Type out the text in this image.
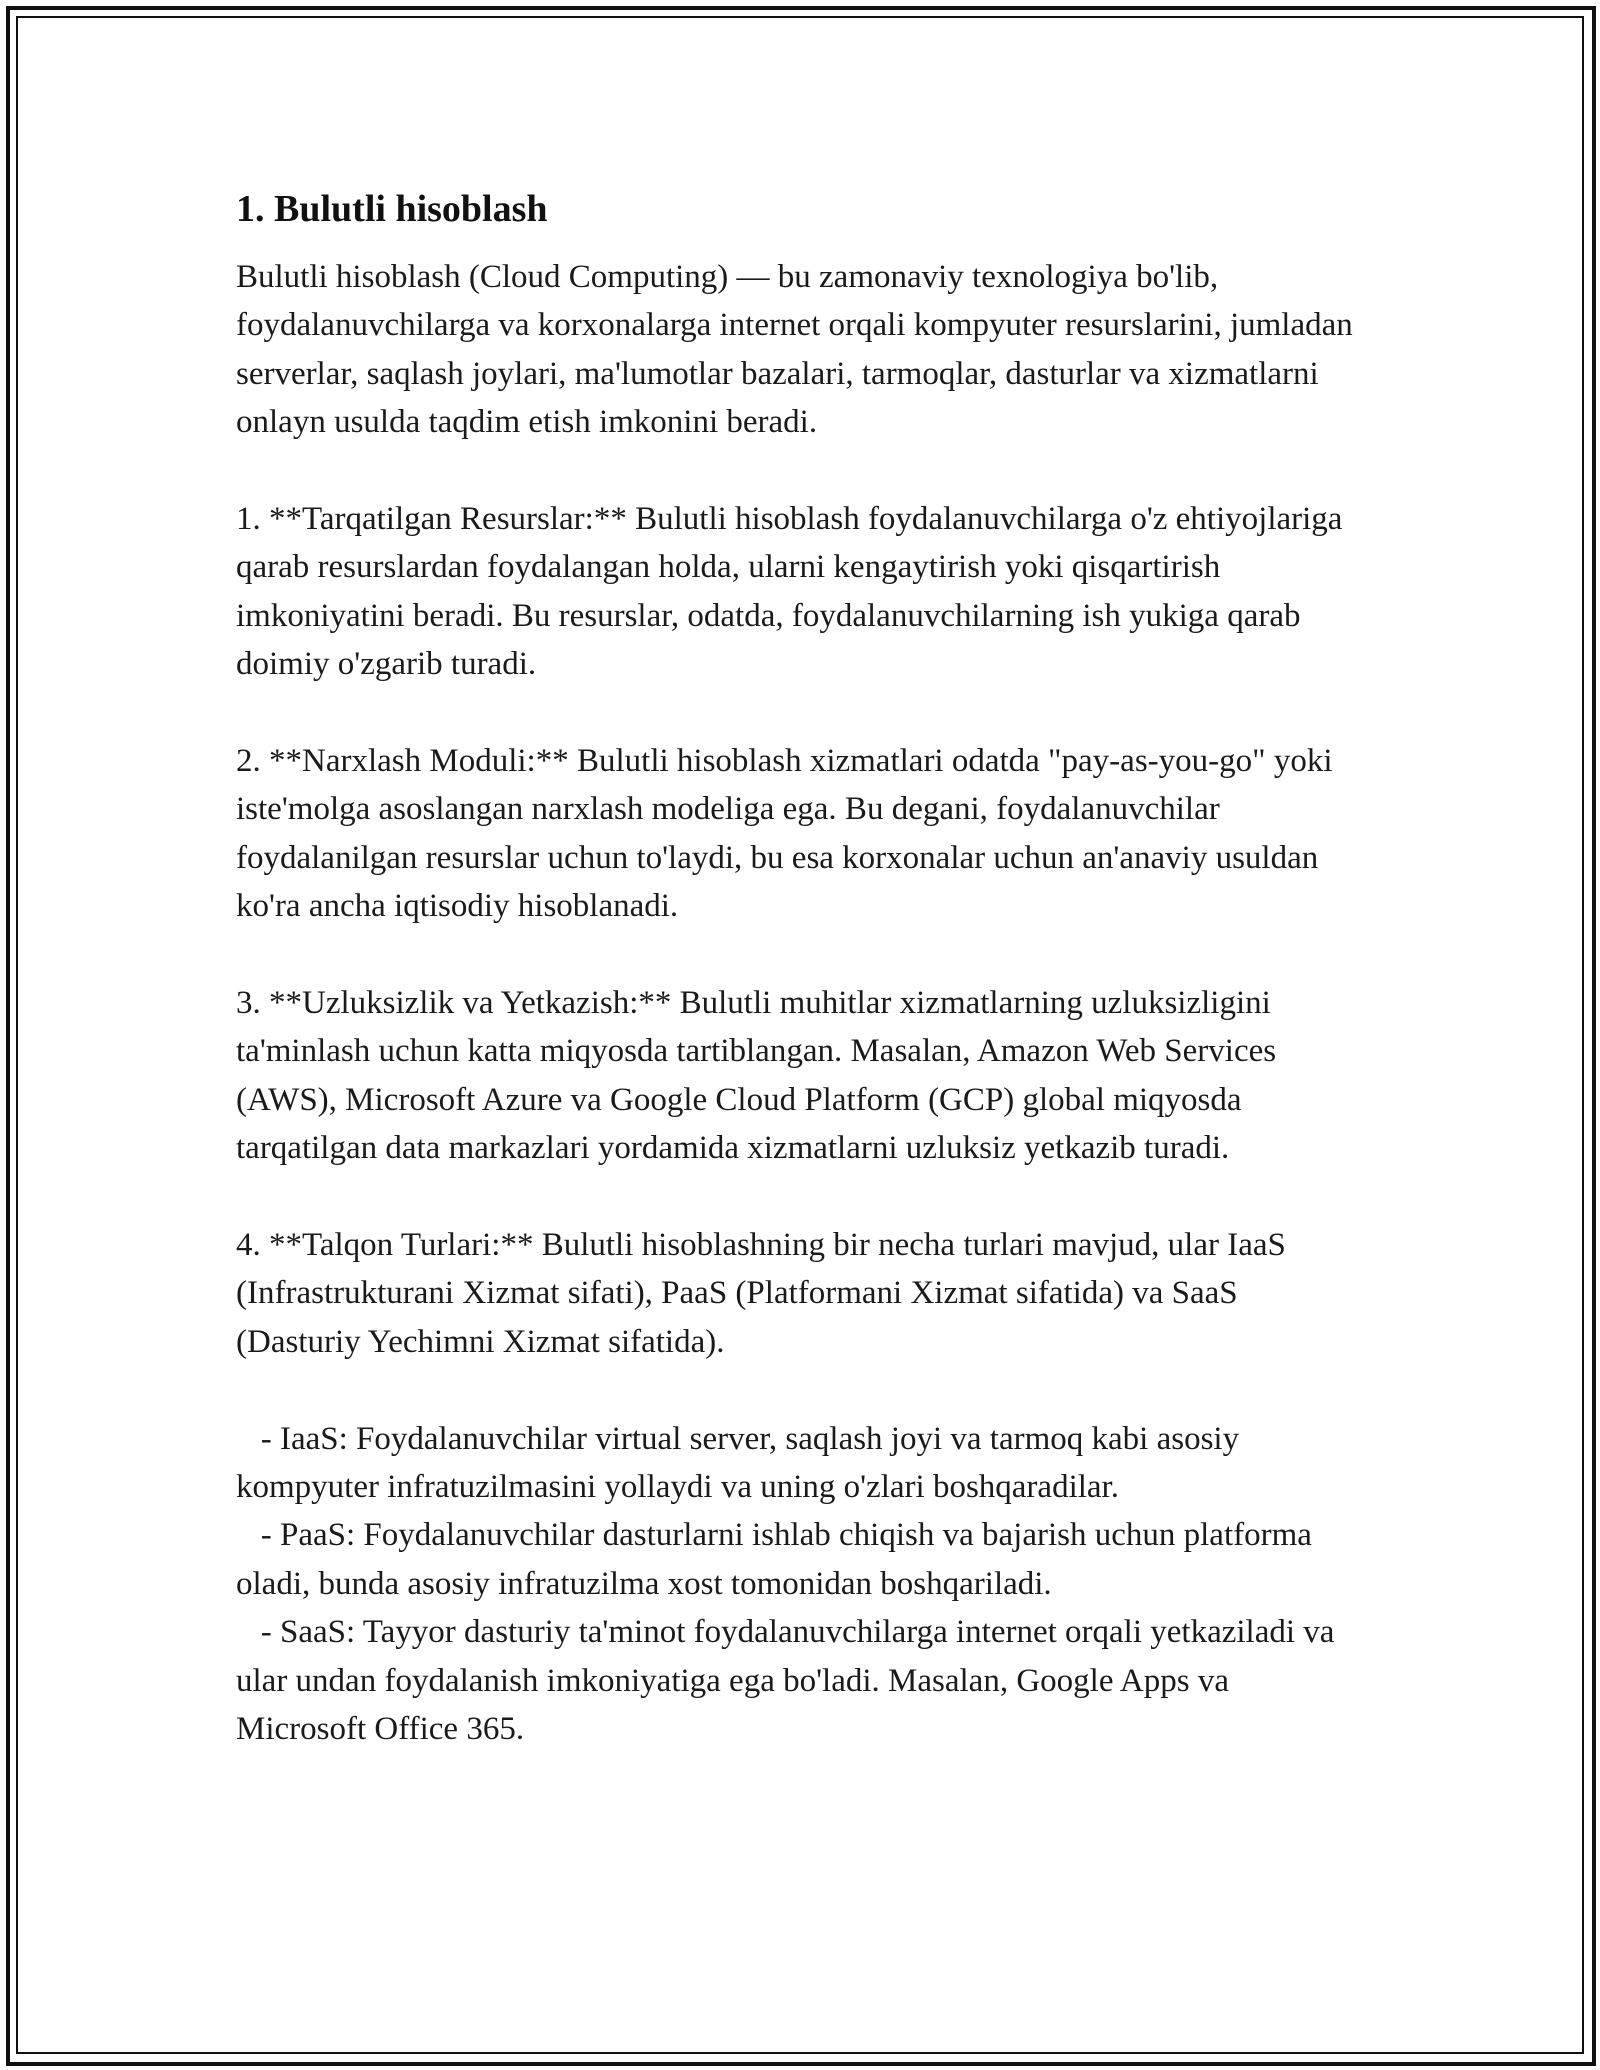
1. Bulutli hisoblash

Bulutli hisoblash (Cloud Computing) — bu zamonaviy texnologiya bo'lib, foydalanuvchilarga va korxonalarga internet orqali kompyuter resurslarini, jumladan serverlar, saqlash joylari, ma'lumotlar bazalari, tarmoqlar, dasturlar va xizmatlarni onlayn usulda taqdim etish imkonini beradi.

1. **Tarqatilgan Resurslar:** Bulutli hisoblash foydalanuvchilarga o'z ehtiyojlariga qarab resurslardan foydalangan holda, ularni kengaytirish yoki qisqartirish imkoniyatini beradi. Bu resurslar, odatda, foydalanuvchilarning ish yukiga qarab doimiy o'zgarib turadi.

2. **Narxlash Moduli:** Bulutli hisoblash xizmatlari odatda "pay-as-you-go" yoki iste'molga asoslangan narxlash modeliga ega. Bu degani, foydalanuvchilar foydalanilgan resurslar uchun to'laydi, bu esa korxonalar uchun an'anaviy usuldan ko'ra ancha iqtisodiy hisoblanadi.

3. **Uzluksizlik va Yetkazish:** Bulutli muhitlar xizmatlarning uzluksizligini ta'minlash uchun katta miqyosda tartiblangan. Masalan, Amazon Web Services (AWS), Microsoft Azure va Google Cloud Platform (GCP) global miqyosda tarqatilgan data markazlari yordamida xizmatlarni uzluksiz yetkazib turadi.

4. **Talqon Turlari:** Bulutli hisoblashning bir necha turlari mavjud, ular IaaS (Infrastrukturani Xizmat sifati), PaaS (Platformani Xizmat sifatida) va SaaS (Dasturiy Yechimni Xizmat sifatida).

- IaaS: Foydalanuvchilar virtual server, saqlash joyi va tarmoq kabi asosiy kompyuter infratuzilmasini yollaydi va uning o'zlari boshqaradilar.

- PaaS: Foydalanuvchilar dasturlarni ishlab chiqish va bajarish uchun platforma oladi, bunda asosiy infratuzilma xost tomonidan boshqariladi.

- SaaS: Tayyor dasturiy ta'minot foydalanuvchilarga internet orqali yetkaziladi va ular undan foydalanish imkoniyatiga ega bo'ladi. Masalan, Google Apps va Microsoft Office 365.
